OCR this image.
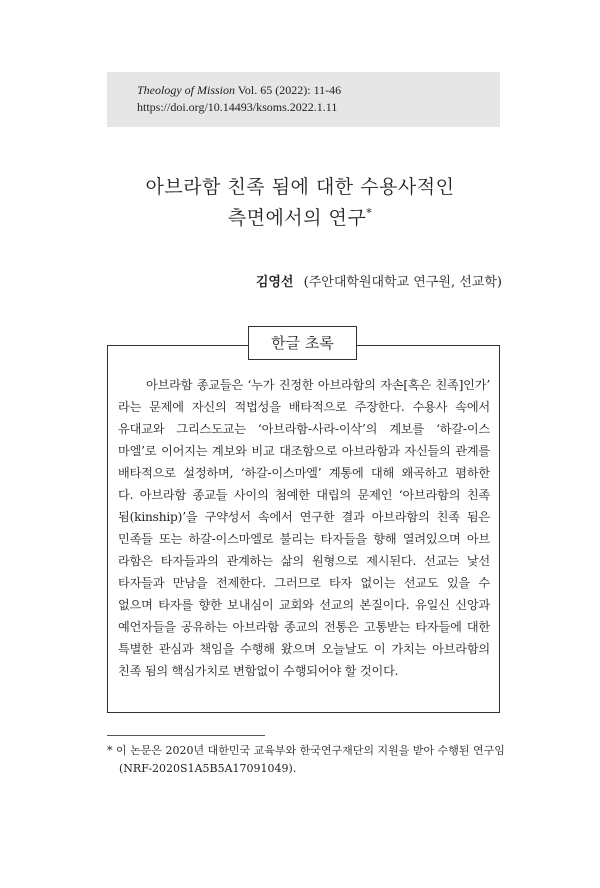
Theology of Mission Vol. 65 (2022): 11-46
https://doi.org/10.14493/ksoms.2022.1.11
아브라함 친족 됨에 대한 수용사적인
측면에서의 연구*
김영선 (주안대학원대학교 연구원, 선교학)
한글 초록
아브라함 종교들은 ‘누가 진정한 아브라함의 자손[혹은 친족]인가’
라는 문제에 자신의 적법성을 배타적으로 주장한다. 수용사 속에서
유대교와 그리스도교는 ‘아브라함-사라-이삭’의 계보를 ‘하갈-이스
마엘’로 이어지는 계보와 비교 대조함으로 아브라함과 자신들의 관계를
배타적으로 설정하며, ‘하갈-이스마엘’ 계통에 대해 왜곡하고 폄하한
다. 아브라함 종교들 사이의 첨예한 대립의 문제인 ‘아브라함의 친족
됨(kinship)’을 구약성서 속에서 연구한 결과 아브라함의 친족 됨은
민족들 또는 하갈-이스마엘로 불리는 타자들을 향해 열려있으며 아브
라함은 타자들과의 관계하는 삶의 원형으로 제시된다. 선교는 낯선
타자들과 만남을 전제한다. 그러므로 타자 없이는 선교도 있을 수
없으며 타자를 향한 보내심이 교회와 선교의 본질이다. 유일신 신앙과
예언자들을 공유하는 아브라함 종교의 전통은 고통받는 타자들에 대한
특별한 관심과 책임을 수행해 왔으며 오늘날도 이 가치는 아브라함의
친족 됨의 핵심가치로 변함없이 수행되어야 할 것이다.
* 이 논문은 2020년 대한민국 교육부와 한국연구재단의 지원을 받아 수행된 연구임
(NRF-2020S1A5B5A17091049).
